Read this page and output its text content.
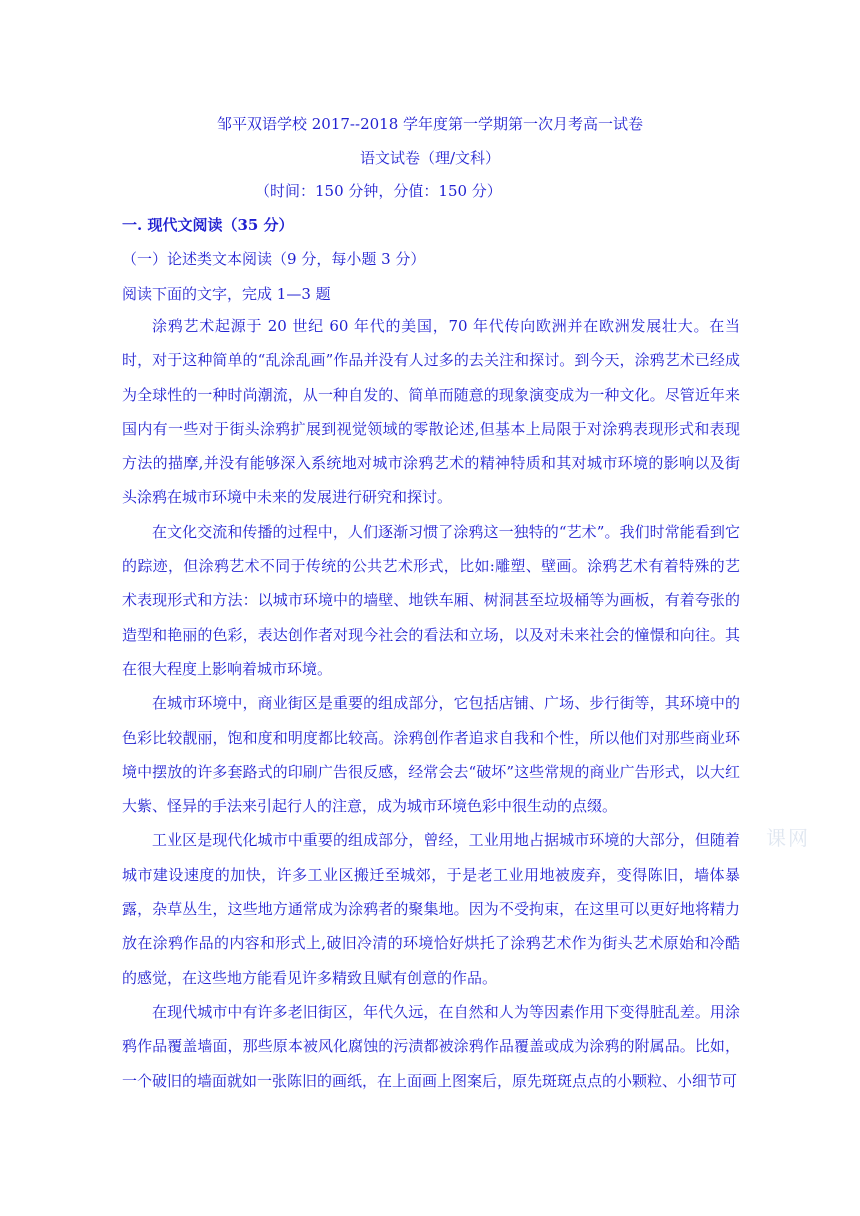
邹平双语学校 2017--2018 学年度第一学期第一次月考高一试卷
语文试卷（理/文科）
（时间：150 分钟，分值：150 分）
一. 现代文阅读（35 分）
（一）论述类文本阅读（9 分，每小题 3 分）
阅读下面的文字，完成 1—3 题

涂鸦艺术起源于 20 世纪 60 年代的美国，70 年代传向欧洲并在欧洲发展壮大。在当时，对于这种简单的“乱涂乱画”作品并没有人过多的去关注和探讨。到今天，涂鸦艺术已经成为全球性的一种时尚潮流，从一种自发的、简单而随意的现象演变成为一种文化。尽管近年来国内有一些对于街头涂鸦扩展到视觉领域的零散论述,但基本上局限于对涂鸦表现形式和表现方法的描摩,并没有能够深入系统地对城市涂鸦艺术的精神特质和其对城市环境的影响以及街头涂鸦在城市环境中未来的发展进行研究和探讨。

在文化交流和传播的过程中，人们逐渐习惯了涂鸦这一独特的“艺术”。我们时常能看到它的踪迹，但涂鸦艺术不同于传统的公共艺术形式，比如:雕塑、壁画。涂鸦艺术有着特殊的艺术表现形式和方法：以城市环境中的墙壁、地铁车厢、树洞甚至垃圾桶等为画板，有着夸张的造型和艳丽的色彩，表达创作者对现今社会的看法和立场，以及对未来社会的憧憬和向往。其在很大程度上影响着城市环境。

在城市环境中，商业街区是重要的组成部分，它包括店铺、广场、步行街等，其环境中的色彩比较靓丽，饱和度和明度都比较高。涂鸦创作者追求自我和个性，所以他们对那些商业环境中摆放的许多套路式的印刷广告很反感，经常会去“破坏”这些常规的商业广告形式，以大红大紫、怪异的手法来引起行人的注意，成为城市环境色彩中很生动的点缀。

工业区是现代化城市中重要的组成部分，曾经，工业用地占据城市环境的大部分，但随着城市建设速度的加快，许多工业区搬迁至城郊，于是老工业用地被废弃，变得陈旧，墙体暴露，杂草丛生，这些地方通常成为涂鸦者的聚集地。因为不受拘束，在这里可以更好地将精力放在涂鸦作品的内容和形式上,破旧冷清的环境恰好烘托了涂鸦艺术作为街头艺术原始和冷酷的感觉，在这些地方能看见许多精致且赋有创意的作品。

在现代城市中有许多老旧街区，年代久远，在自然和人为等因素作用下变得脏乱差。用涂鸦作品覆盖墙面，那些原本被风化腐蚀的污渍都被涂鸦作品覆盖或成为涂鸦的附属品。比如，一个破旧的墙面就如一张陈旧的画纸，在上面画上图案后，原先斑斑点点的小颗粒、小细节可

课网
